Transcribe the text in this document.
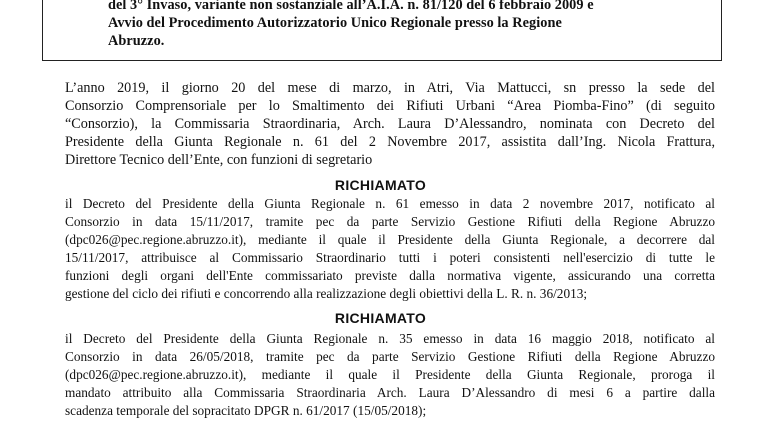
del 3° Invaso, variante non sostanziale all’A.I.A. n. 81/120 del 6 febbraio 2009 e
Avvio del Procedimento Autorizzatorio Unico Regionale presso la Regione
Abruzzo.
L’anno 2019, il giorno 20 del mese di marzo, in Atri, Via Mattucci, sn presso la sede del
Consorzio Comprensoriale per lo Smaltimento dei Rifiuti Urbani “Area Piomba-Fino” (di seguito
“Consorzio), la Commissaria Straordinaria, Arch. Laura D’Alessandro, nominata con Decreto del
Presidente della Giunta Regionale n. 61 del 2 Novembre 2017, assistita dall’Ing. Nicola Frattura,
Direttore Tecnico dell’Ente, con funzioni di segretario
RICHIAMATO
il Decreto del Presidente della Giunta Regionale n. 61 emesso in data 2 novembre 2017, notificato al
Consorzio in data 15/11/2017, tramite pec da parte Servizio Gestione Rifiuti della Regione Abruzzo
(dpc026@pec.regione.abruzzo.it), mediante il quale il Presidente della Giunta Regionale, a decorrere dal
15/11/2017, attribuisce al Commissario Straordinario tutti i poteri consistenti nell'esercizio di tutte le
funzioni degli organi dell'Ente commissariato previste dalla normativa vigente, assicurando una corretta
gestione del ciclo dei rifiuti e concorrendo alla realizzazione degli obiettivi della L. R. n. 36/2013;
RICHIAMATO
il Decreto del Presidente della Giunta Regionale n. 35 emesso in data 16 maggio 2018, notificato al
Consorzio in data 26/05/2018, tramite pec da parte Servizio Gestione Rifiuti della Regione Abruzzo
(dpc026@pec.regione.abruzzo.it), mediante il quale il Presidente della Giunta Regionale, proroga il
mandato attribuito alla Commissaria Straordinaria Arch. Laura D’Alessandro di mesi 6 a partire dalla
scadenza temporale del sopracitato DPGR n. 61/2017 (15/05/2018);
